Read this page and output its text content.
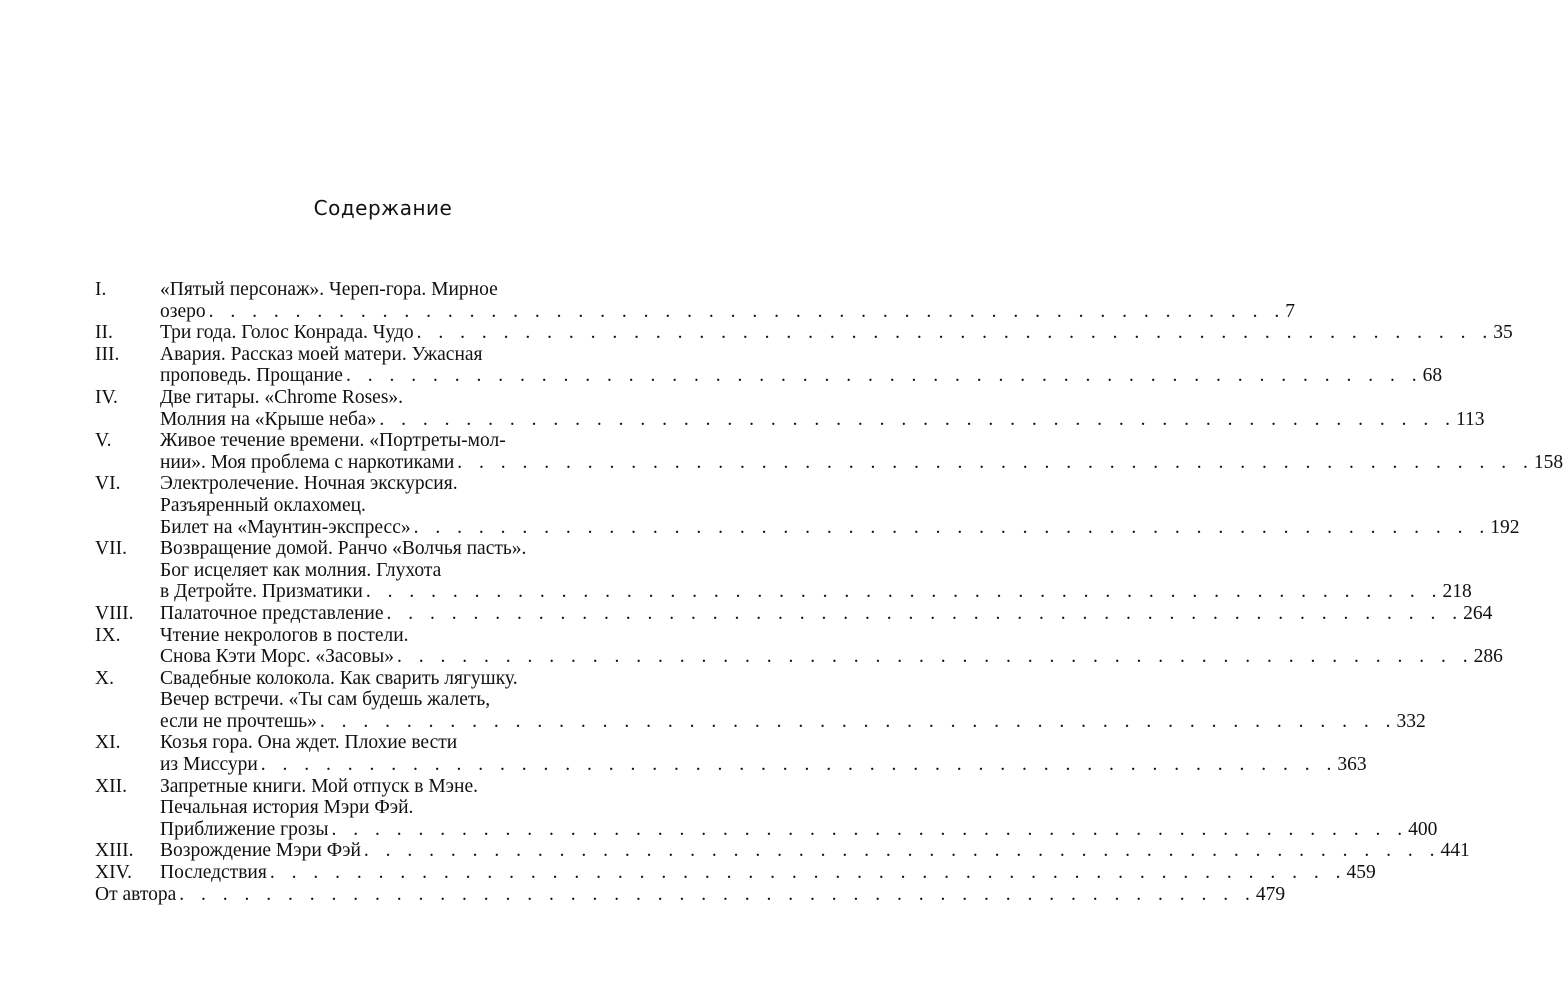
Содержание
I.	«Пятый персонаж». Череп-гора. Мирное
озеро . . . . . . . . . . . . . . . . . . . . . . . . . . . . . . . . . . . . . . . . . . . . . . . . . . 7
II.	Три года. Голос Конрада. Чудо . . . . . . . . . . . . . . . . . . . . . . . . . . . . . . . . . . . . . . . . . . . . . . . . . . 35
III.	Авария. Рассказ моей матери. Ужасная
проповедь. Прощание . . . . . . . . . . . . . . . . . . . . . . . . . . . . . . . . . . . . . . . . . . . . . . . . . . 68
IV.	Две гитары. «Chrome Roses».
Молния на «Крыше неба» . . . . . . . . . . . . . . . . . . . . . . . . . . . . . . . . . . . . . . . . . . . . . . . . . . 113
V.	Живое течение времени. «Портреты-мол-
нии». Моя проблема с наркотиками . . . . . . . . . . . . . . . . . . . . . . . . . . . . . . . . . . . . . . . . . . . . . . . . . . 158
VI.	Электролечение. Ночная экскурсия.
Разъяренный оклахомец.
Билет на «Маунтин-экспресс» . . . . . . . . . . . . . . . . . . . . . . . . . . . . . . . . . . . . . . . . . . . . . . . . . . 192
VII.	Возвращение домой. Ранчо «Волчья пасть».
Бог исцеляет как молния. Глухота
в Детройте. Призматики . . . . . . . . . . . . . . . . . . . . . . . . . . . . . . . . . . . . . . . . . . . . . . . . . . 218
VIII.	Палаточное представление . . . . . . . . . . . . . . . . . . . . . . . . . . . . . . . . . . . . . . . . . . . . . . . . . . 264
IX.	Чтение некрологов в постели.
Снова Кэти Морс. «Засовы» . . . . . . . . . . . . . . . . . . . . . . . . . . . . . . . . . . . . . . . . . . . . . . . . . . 286
X.	Свадебные колокола. Как сварить лягушку.
Вечер встречи. «Ты сам будешь жалеть,
если не прочтешь» . . . . . . . . . . . . . . . . . . . . . . . . . . . . . . . . . . . . . . . . . . . . . . . . . . 332
XI.	Козья гора. Она ждет. Плохие вести
из Миссури . . . . . . . . . . . . . . . . . . . . . . . . . . . . . . . . . . . . . . . . . . . . . . . . . . 363
XII.	Запретные книги. Мой отпуск в Мэне.
Печальная история Мэри Фэй.
Приближение грозы . . . . . . . . . . . . . . . . . . . . . . . . . . . . . . . . . . . . . . . . . . . . . . . . . . 400
XIII.	Возрождение Мэри Фэй . . . . . . . . . . . . . . . . . . . . . . . . . . . . . . . . . . . . . . . . . . . . . . . . . . 441
XIV.	Последствия . . . . . . . . . . . . . . . . . . . . . . . . . . . . . . . . . . . . . . . . . . . . . . . . . . 459
От автора . . . . . . . . . . . . . . . . . . . . . . . . . . . . . . . . . . . . . . . . . . . . . . . . . . 479
